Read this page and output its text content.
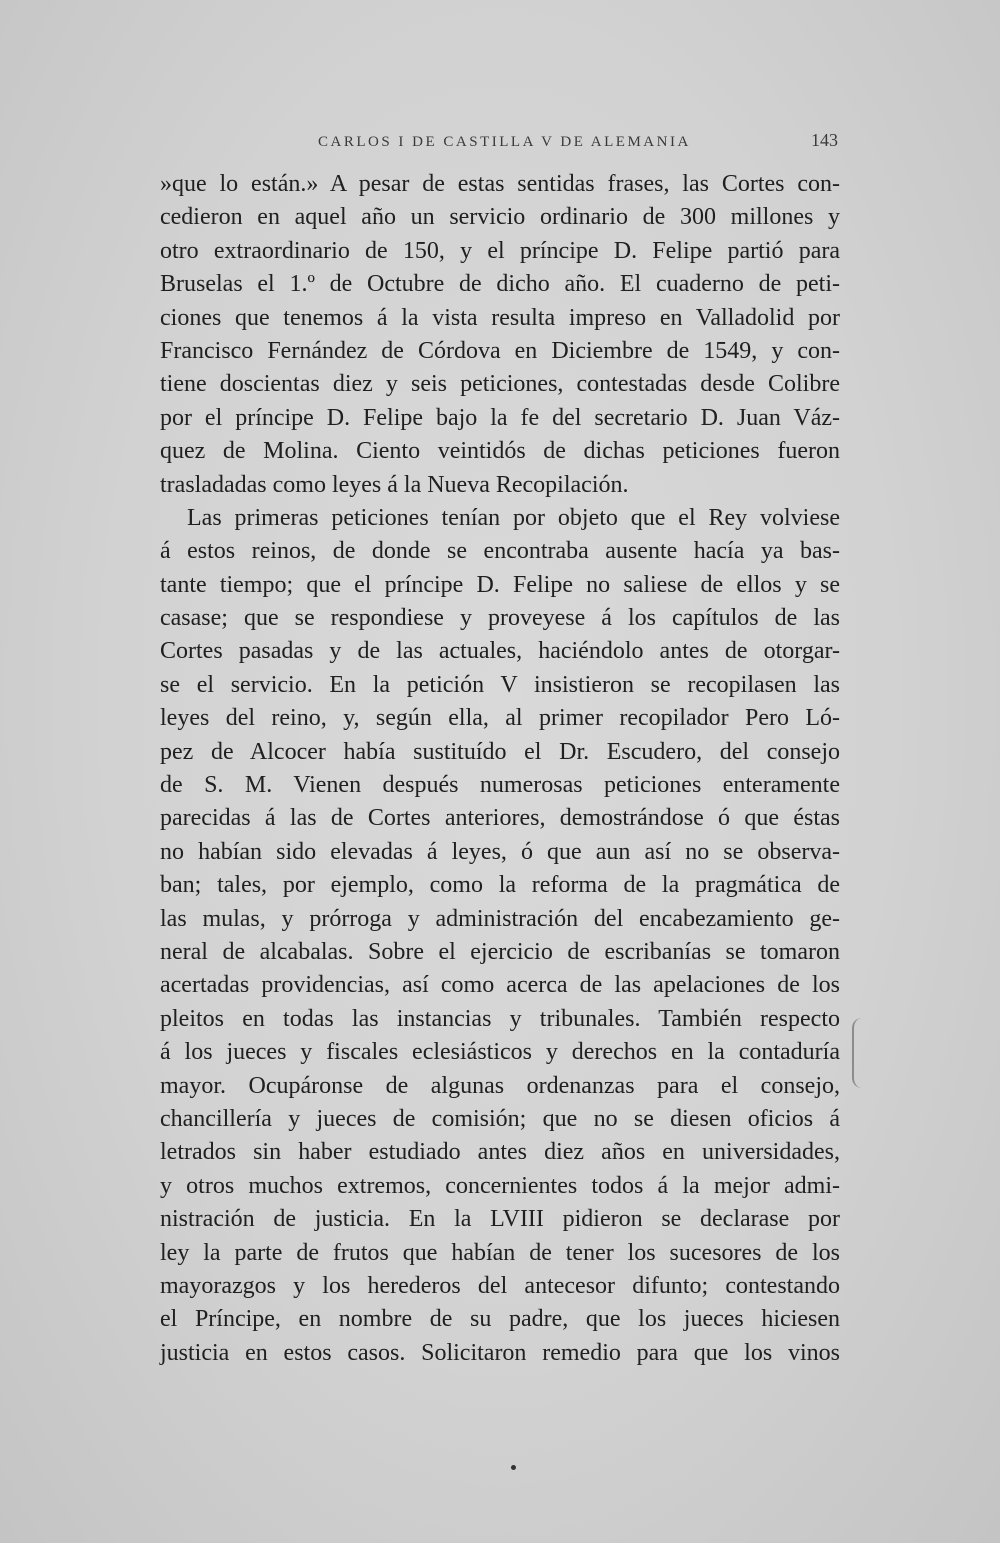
CARLOS I DE CASTILLA V DE ALEMANIA	143
»que lo están.» A pesar de estas sentidas frases, las Cortes con-
cedieron en aquel año un servicio ordinario de 300 millones y
otro extraordinario de 150, y el príncipe D. Felipe partió para
Bruselas el 1.º de Octubre de dicho año. El cuaderno de peti-
ciones que tenemos á la vista resulta impreso en Valladolid por
Francisco Fernández de Córdova en Diciembre de 1549, y con-
tiene doscientas diez y seis peticiones, contestadas desde Colibre
por el príncipe D. Felipe bajo la fe del secretario D. Juan Váz-
quez de Molina. Ciento veintidós de dichas peticiones fueron
trasladadas como leyes á la Nueva Recopilación.
Las primeras peticiones tenían por objeto que el Rey volviese
á estos reinos, de donde se encontraba ausente hacía ya bas-
tante tiempo; que el príncipe D. Felipe no saliese de ellos y se
casase; que se respondiese y proveyese á los capítulos de las
Cortes pasadas y de las actuales, haciéndolo antes de otorgar-
se el servicio. En la petición V insistieron se recopilasen las
leyes del reino, y, según ella, al primer recopilador Pero Ló-
pez de Alcocer había sustituído el Dr. Escudero, del consejo
de S. M. Vienen después numerosas peticiones enteramente
parecidas á las de Cortes anteriores, demostrándose ó que éstas
no habían sido elevadas á leyes, ó que aun así no se observa-
ban; tales, por ejemplo, como la reforma de la pragmática de
las mulas, y prórroga y administración del encabezamiento ge-
neral de alcabalas. Sobre el ejercicio de escribanías se tomaron
acertadas providencias, así como acerca de las apelaciones de los
pleitos en todas las instancias y tribunales. También respecto
á los jueces y fiscales eclesiásticos y derechos en la contaduría
mayor. Ocupáronse de algunas ordenanzas para el consejo,
chancillería y jueces de comisión; que no se diesen oficios á
letrados sin haber estudiado antes diez años en universidades,
y otros muchos extremos, concernientes todos á la mejor admi-
nistración de justicia. En la LVIII pidieron se declarase por
ley la parte de frutos que habían de tener los sucesores de los
mayorazgos y los herederos del antecesor difunto; contestando
el Príncipe, en nombre de su padre, que los jueces hiciesen
justicia en estos casos. Solicitaron remedio para que los vinos
